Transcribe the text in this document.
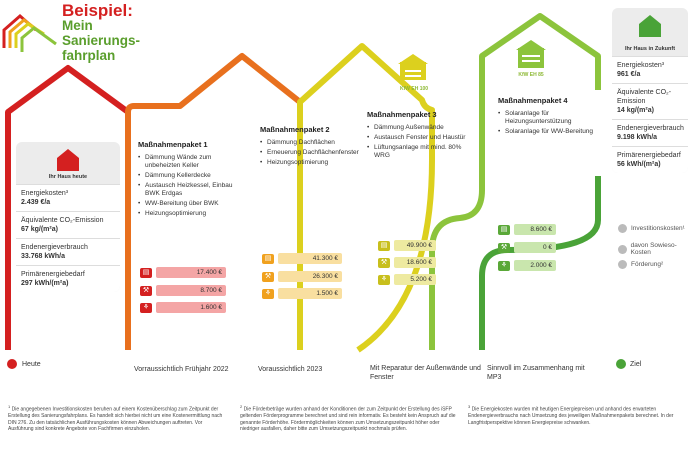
Beispiel:
Mein
Sanierungs-
fahrplan
Ihr Haus heute
Energiekosten³
2.439 €/a
Äquivalente CO₂-Emission
67 kg/(m²a)
Endenergieverbrauch
33.768 kWh/a
Primärenergiebedarf
297 kWh/(m²a)
Ihr Haus in Zukunft
Energiekosten³
961 €/a
Äquivalente CO₂-Emission
14 kg/(m²a)
Endenergieverbrauch
9.198 kWh/a
Primärenergiebedarf
56 kWh/(m²a)
Maßnahmenpaket 1
• Dämmung Wände zum unbeheizten Keller
• Dämmung Kellerdecke
• Austausch Heizkessel, Einbau BWK Erdgas
• WW-Bereitung über BWK
• Heizungsoptimierung
▤	17.400 €
⚒	8.700 €
⚘	1.600 €
Maßnahmenpaket 2
• Dämmung Dachflächen
• Erneuerung Dachflächenfenster
• Heizungsoptimierung
▤	41.300 €
⚒	26.300 €
⚘	1.500 €
KfW EH 100
Maßnahmenpaket 3
• Dämmung Außenwände
• Austausch Fenster und Haustür
• Lüftungsanlage mit mind. 80% WRG
▤	49.900 €
⚒	18.600 €
⚘	5.200 €
KfW EH 85
Maßnahmenpaket 4
• Solaranlage für Heizungsunterstützung
• Solaranlage für WW-Bereitung
▤	8.600 €
⚒	0 €
⚘	2.000 €
Investitionskosten¹
davon Sowieso-Kosten
Förderung²
Heute
Vorraussichtlich Frühjahr 2022	Voraussichtlich 2023	Mit Reparatur der Außenwände und Fenster
Sinnvoll im Zusammenhang mit MP3
Ziel
$^1$ Die angegebenen Investitionskosten beruhen auf einem Kostenüberschlag zum Zeitpunkt der Erstellung des Sanierungsfahrplans. Es handelt sich hierbei nicht um eine Kostenermittlung nach DIN 276. Zu den tatsächlichen Ausführungskosten können Abweichungen auftreten. Vor Ausführung sind konkrete Angebote von Fachfirmen einzuholen.
$^2$ Die Förderbeträge wurden anhand der Konditionen der zum Zeitpunkt der Erstellung des iSFP geltenden Förderprogramme berechnet und sind rein informativ. Es besteht kein Anspruch auf die genannte Förderhöhe. Fördermöglichkeiten können zum Umsetzungszeitpunkt höher oder niedriger ausfallen, daher bitte zum Umsetzungszeitpunkt nochmals prüfen.
$^3$ Die Energiekosten wurden mit heutigen Energiepreisen und anhand des erwarteten Endenergieverbrauchs nach Umsetzung des jeweiligen Maßnahmenpakets berechnet. In der Langfristperspektive können Energiepreise schwanken.
